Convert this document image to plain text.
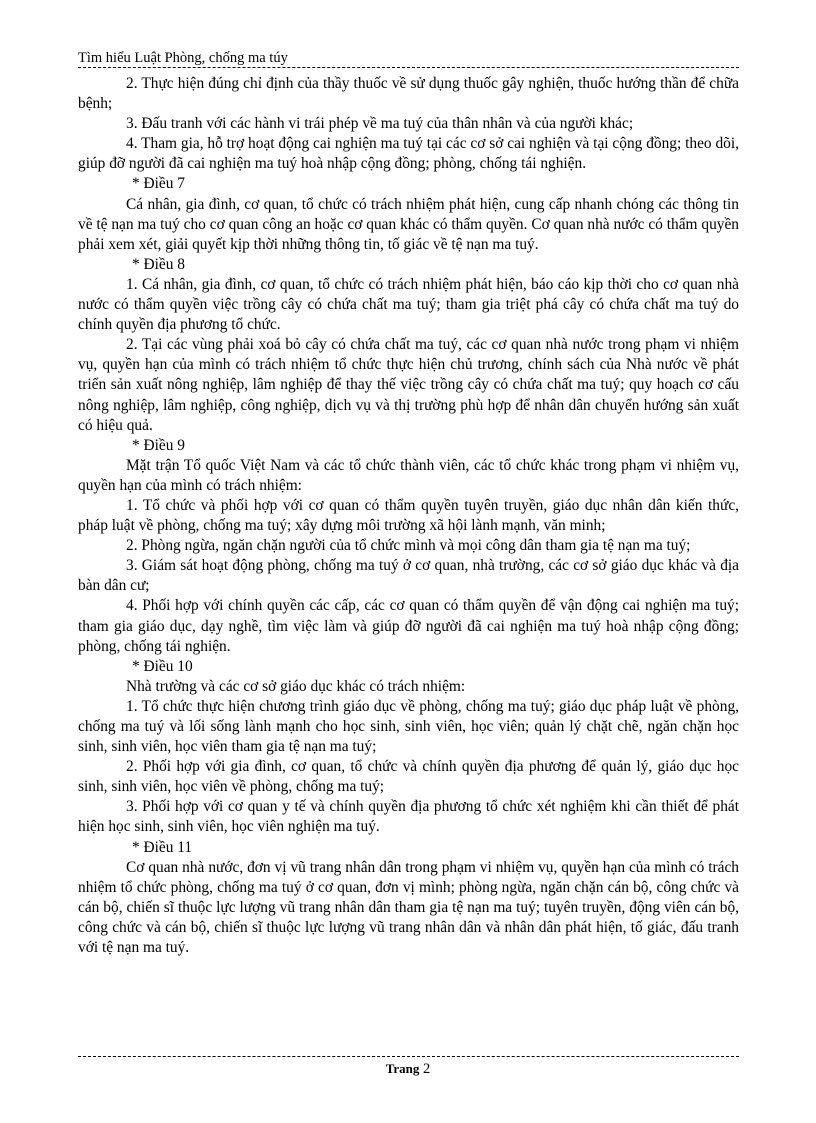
Tìm hiểu Luật Phòng, chống ma túy

2. Thực hiện đúng chỉ định của thầy thuốc về sử dụng thuốc gây nghiện, thuốc hướng thần để chữa bệnh;

3. Đấu tranh với các hành vi trái phép về ma tuý của thân nhân và của người khác;

4. Tham gia, hỗ trợ hoạt động cai nghiện ma tuý tại các cơ sở cai nghiện và tại cộng đồng; theo dõi, giúp đỡ người đã cai nghiện ma tuý hoà nhập cộng đồng; phòng, chống tái nghiện.

* Điều 7

Cá nhân, gia đình, cơ quan, tổ chức có trách nhiệm phát hiện, cung cấp nhanh chóng các thông tin về tệ nạn ma tuý cho cơ quan công an hoặc cơ quan khác có thẩm quyền. Cơ quan nhà nước có thẩm quyền phải xem xét, giải quyết kịp thời những thông tin, tố giác về tệ nạn ma tuý.

* Điều 8

1. Cá nhân, gia đình, cơ quan, tổ chức có trách nhiệm phát hiện, báo cáo kịp thời cho cơ quan nhà nước có thẩm quyền việc trồng cây có chứa chất ma tuý; tham gia triệt phá cây có chứa chất ma tuý do chính quyền địa phương tổ chức.

2. Tại các vùng phải xoá bỏ cây có chứa chất ma tuý, các cơ quan nhà nước trong phạm vi nhiệm vụ, quyền hạn của mình có trách nhiệm tổ chức thực hiện chủ trương, chính sách của Nhà nước về phát triển sản xuất nông nghiệp, lâm nghiệp để thay thế việc trồng cây có chứa chất ma tuý; quy hoạch cơ cấu nông nghiệp, lâm nghiệp, công nghiệp, dịch vụ và thị trường phù hợp để nhân dân chuyển hướng sản xuất có hiệu quả.

* Điều 9

Mặt trận Tổ quốc Việt Nam và các tổ chức thành viên, các tổ chức khác trong phạm vi nhiệm vụ, quyền hạn của mình có trách nhiệm:

1. Tổ chức và phối hợp với cơ quan có thẩm quyền tuyên truyền, giáo dục nhân dân kiến thức, pháp luật về phòng, chống ma tuý; xây dựng môi trường xã hội lành mạnh, văn minh;

2. Phòng ngừa, ngăn chặn người của tổ chức mình và mọi công dân tham gia tệ nạn ma tuý;

3. Giám sát hoạt động phòng, chống ma tuý ở cơ quan, nhà trường, các cơ sở giáo dục khác và địa bàn dân cư;

4. Phối hợp với chính quyền các cấp, các cơ quan có thẩm quyền để vận động cai nghiện ma tuý; tham gia giáo dục, dạy nghề, tìm việc làm và giúp đỡ người đã cai nghiện ma tuý hoà nhập cộng đồng; phòng, chống tái nghiện.

* Điều 10

Nhà trường và các cơ sở giáo dục khác có trách nhiệm:

1. Tổ chức thực hiện chương trình giáo dục về phòng, chống ma tuý; giáo dục pháp luật về phòng, chống ma tuý và lối sống lành mạnh cho học sinh, sinh viên, học viên; quản lý chặt chẽ, ngăn chặn học sinh, sinh viên, học viên tham gia tệ nạn ma tuý;

2. Phối hợp với gia đình, cơ quan, tổ chức và chính quyền địa phương để quản lý, giáo dục học sinh, sinh viên, học viên về phòng, chống ma tuý;

3. Phối hợp với cơ quan y tế và chính quyền địa phương tổ chức xét nghiệm khi cần thiết để phát hiện học sinh, sinh viên, học viên nghiện ma tuý.

* Điều 11

Cơ quan nhà nước, đơn vị vũ trang nhân dân trong phạm vi nhiệm vụ, quyền hạn của mình có trách nhiệm tổ chức phòng, chống ma tuý ở cơ quan, đơn vị mình; phòng ngừa, ngăn chặn cán bộ, công chức và cán bộ, chiến sĩ thuộc lực lượng vũ trang nhân dân tham gia tệ nạn ma tuý; tuyên truyền, động viên cán bộ, công chức và cán bộ, chiến sĩ thuộc lực lượng vũ trang nhân dân và nhân dân phát hiện, tố giác, đấu tranh với tệ nạn ma tuý.

Trang 2
